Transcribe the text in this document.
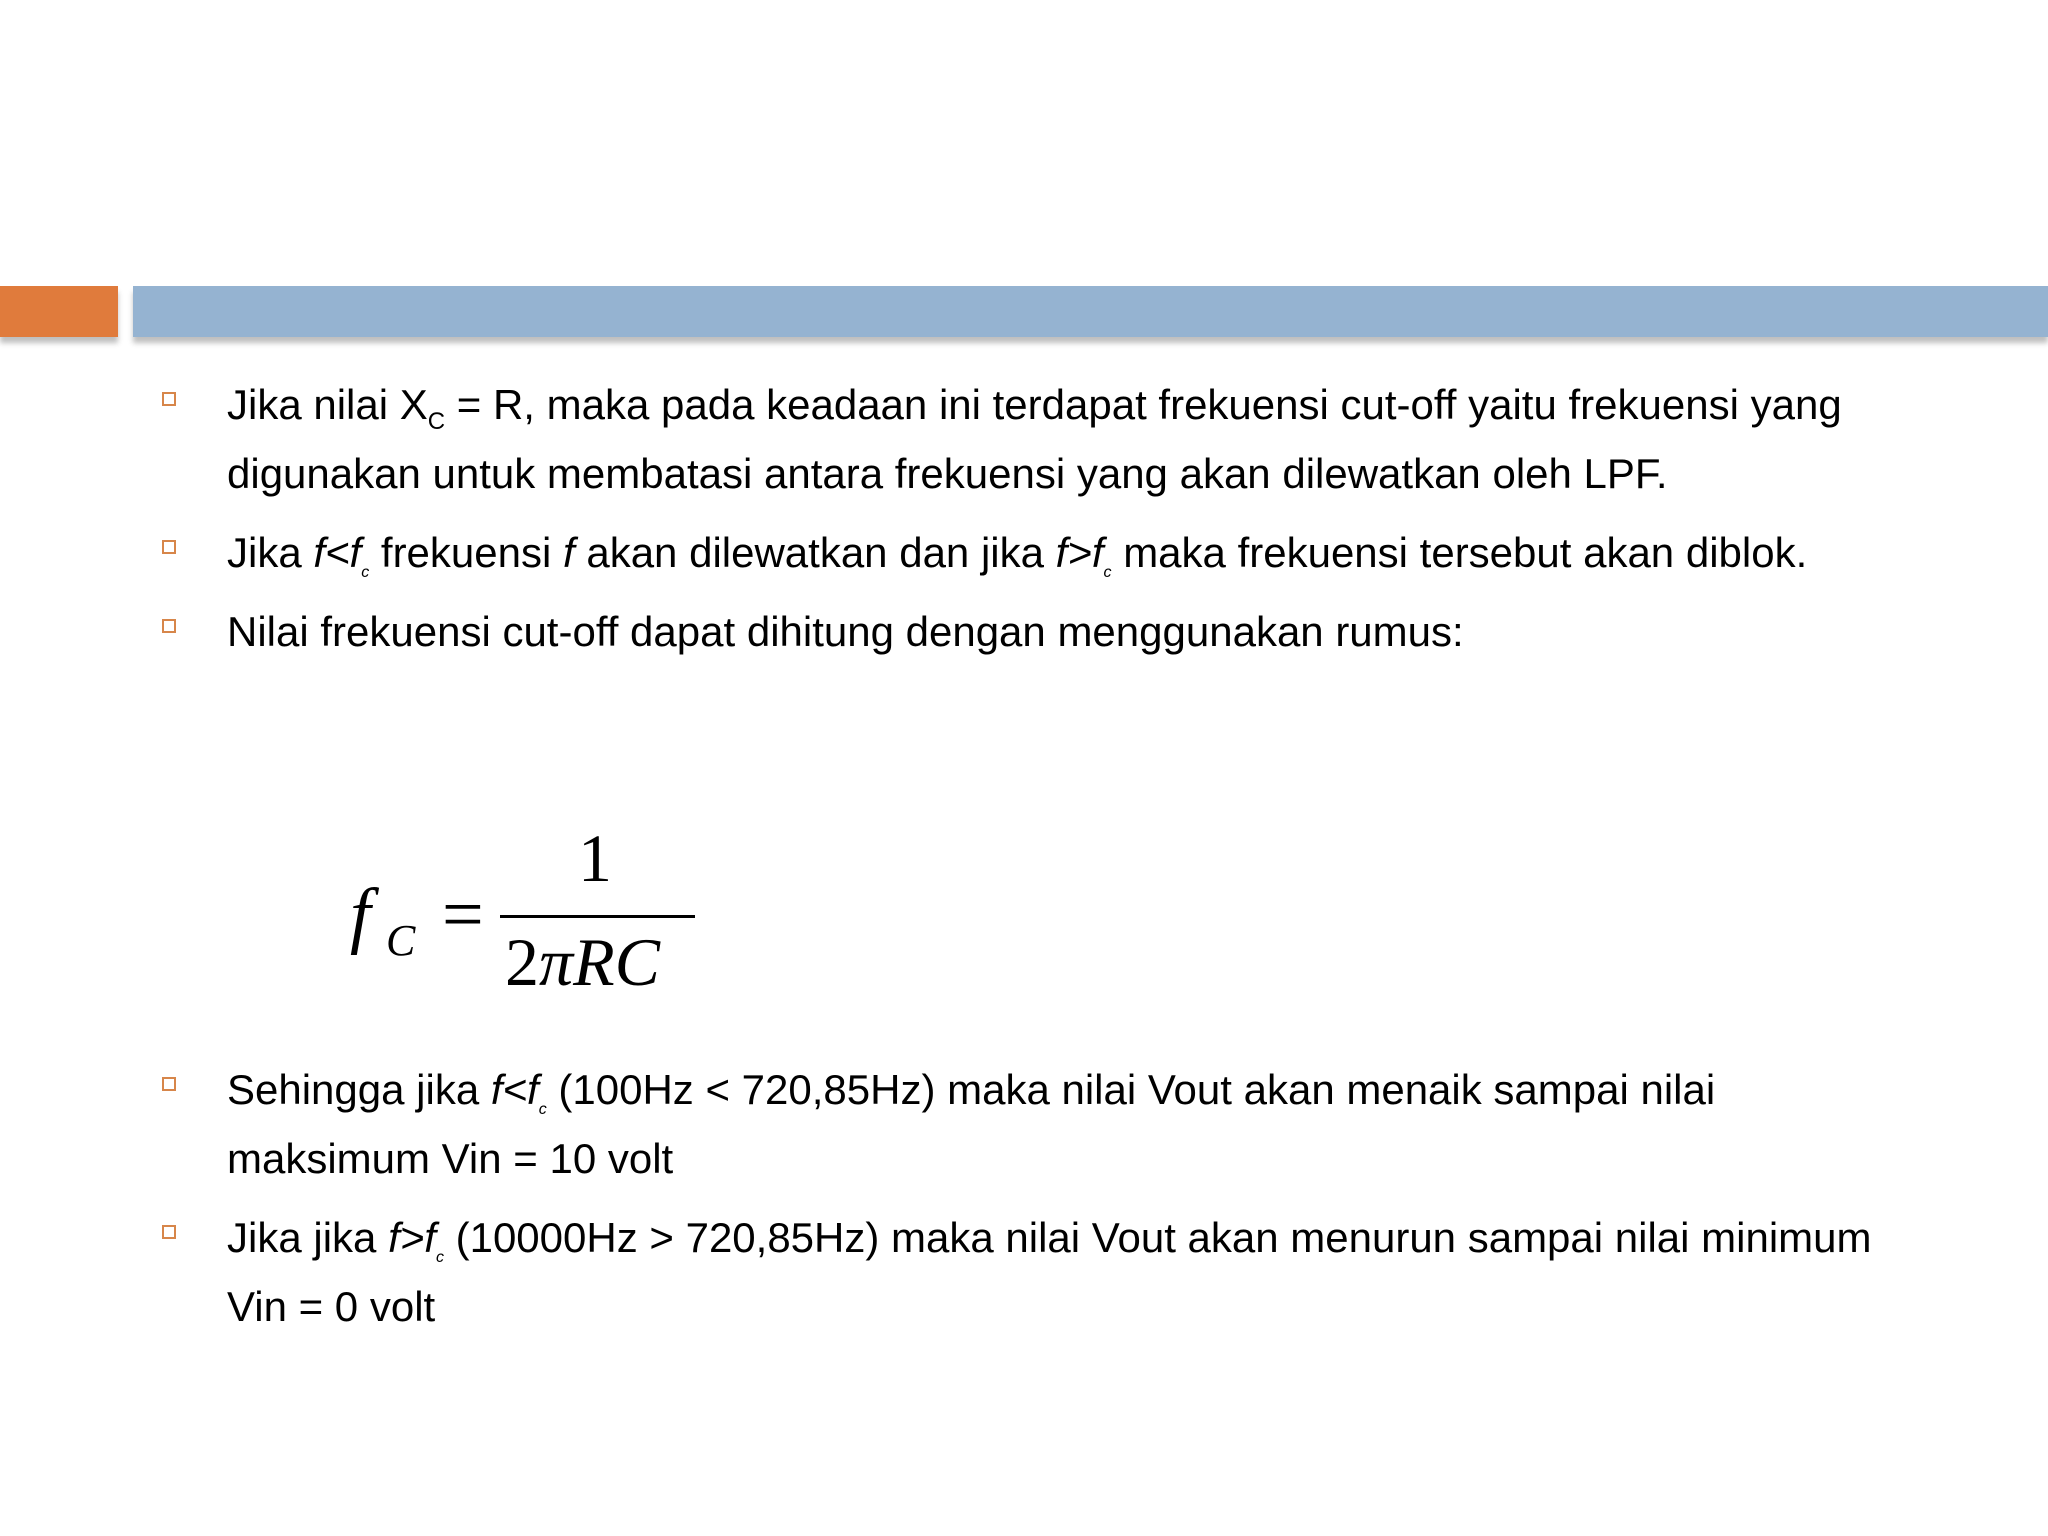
Jika nilai $X_C = R$, maka pada keadaan ini terdapat frekuensi cut-off yaitu frekuensi yang digunakan untuk membatasi antara frekuensi yang akan dilewatkan oleh LPF.
Jika $f<f_c$ frekuensi f akan dilewatkan dan jika $f>f_c$ maka frekuensi tersebut akan diblok.
Nilai frekuensi cut-off dapat dihitung dengan menggunakan rumus:
f C =
1
2πRC
Sehingga jika $f<f_c$ (100Hz < 720,85Hz) maka nilai Vout akan menaik sampai nilai maksimum Vin = 10 volt
Jika jika $f>f_c$ (10000Hz > 720,85Hz) maka nilai Vout akan menurun sampai nilai minimum Vin = 0 volt
